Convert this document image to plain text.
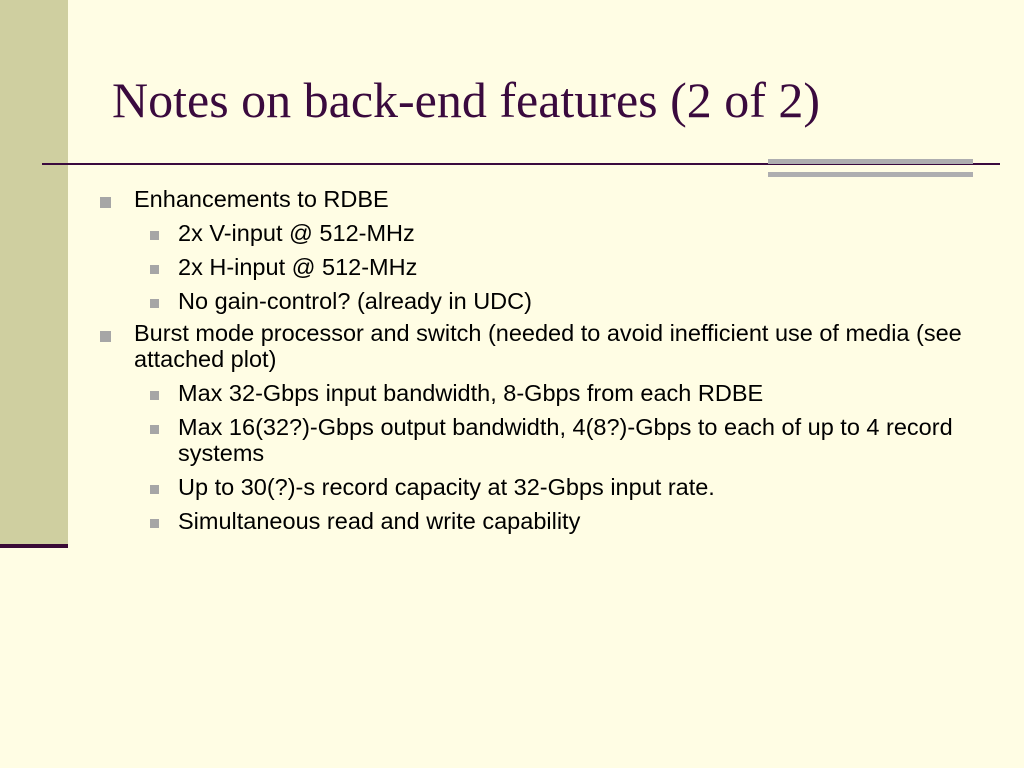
Notes on back-end features (2 of 2)
Enhancements to RDBE
2x V-input @ 512-MHz
2x H-input @ 512-MHz
No gain-control? (already in UDC)
Burst mode processor and switch (needed to avoid inefficient use of media (see attached plot)
Max 32-Gbps input bandwidth, 8-Gbps from each RDBE
Max 16(32?)-Gbps output bandwidth, 4(8?)-Gbps to each of up to 4 record systems
Up to 30(?)-s record capacity at 32-Gbps input rate.
Simultaneous read and write capability
